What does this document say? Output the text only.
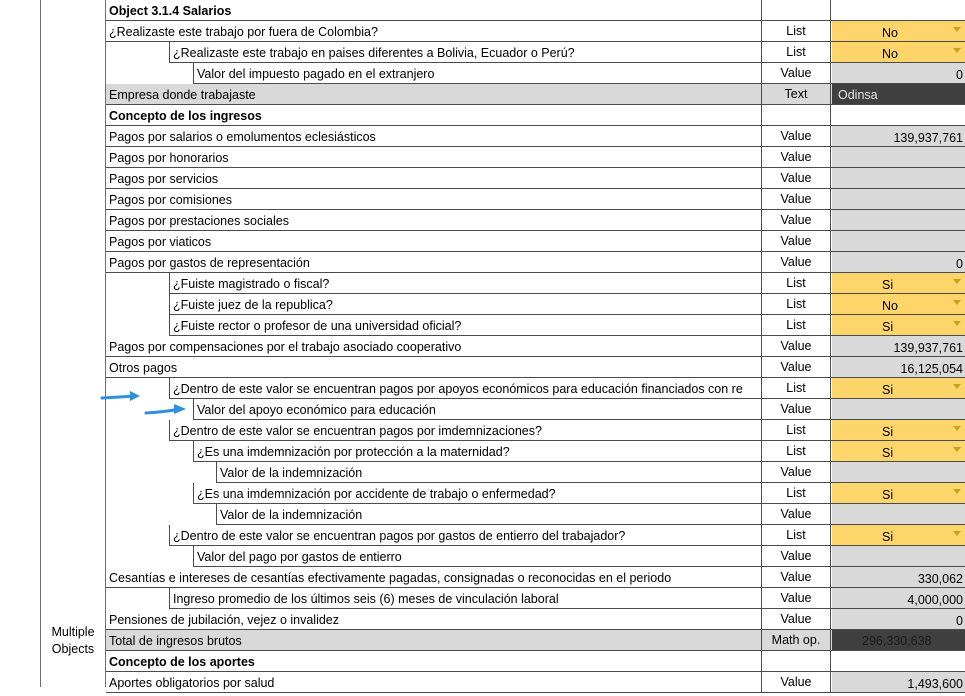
Multiple
Objects
Object 3.1.4 Salarios
¿Realizaste este trabajo por fuera de Colombia?	List	No
¿Realizaste este trabajo en paises diferentes a Bolivia, Ecuador o Perú?	List	No
Valor del impuesto pagado en el extranjero	Value	0
Empresa donde trabajaste	Text	Odinsa
Concepto de los ingresos
Pagos por salarios o emolumentos eclesiásticos	Value	139,937,761
Pagos por honorarios	Value
Pagos por servicios	Value
Pagos por comisiones	Value
Pagos por prestaciones sociales	Value
Pagos por viaticos	Value
Pagos por gastos de representación	Value	0
¿Fuiste magistrado o fiscal?	List	Si
¿Fuiste juez de la republica?	List	No
¿Fuiste rector o profesor de una universidad oficial?	List	Si
Pagos por compensaciones por el trabajo asociado cooperativo	Value	139,937,761
Otros pagos	Value	16,125,054
¿Dentro de este valor se encuentran pagos por apoyos económicos para educación financiados con re	List	Si
Valor del apoyo económico para educación	Value
¿Dentro de este valor se encuentran pagos por imdemnizaciones?	List	Si
¿Es una imdemnización por protección a la maternidad?	List	Si
Valor de la indemnización	Value
¿Es una imdemnización por accidente de trabajo o enfermedad?	List	Si
Valor de la indemnización	Value
¿Dentro de este valor se encuentran pagos por gastos de entierro del trabajador?	List	Si
Valor del pago por gastos de entierro	Value
Cesantías e intereses de cesantías efectivamente pagadas, consignadas o reconocidas en el periodo	Value	330,062
Ingreso promedio de los últimos seis (6) meses de vinculación laboral	Value	4,000,000
Pensiones de jubilación, vejez o invalidez	Value	0
Total de ingresos brutos	Math op.	296,330,638
Concepto de los aportes
Aportes obligatorios por salud	Value	1,493,600
